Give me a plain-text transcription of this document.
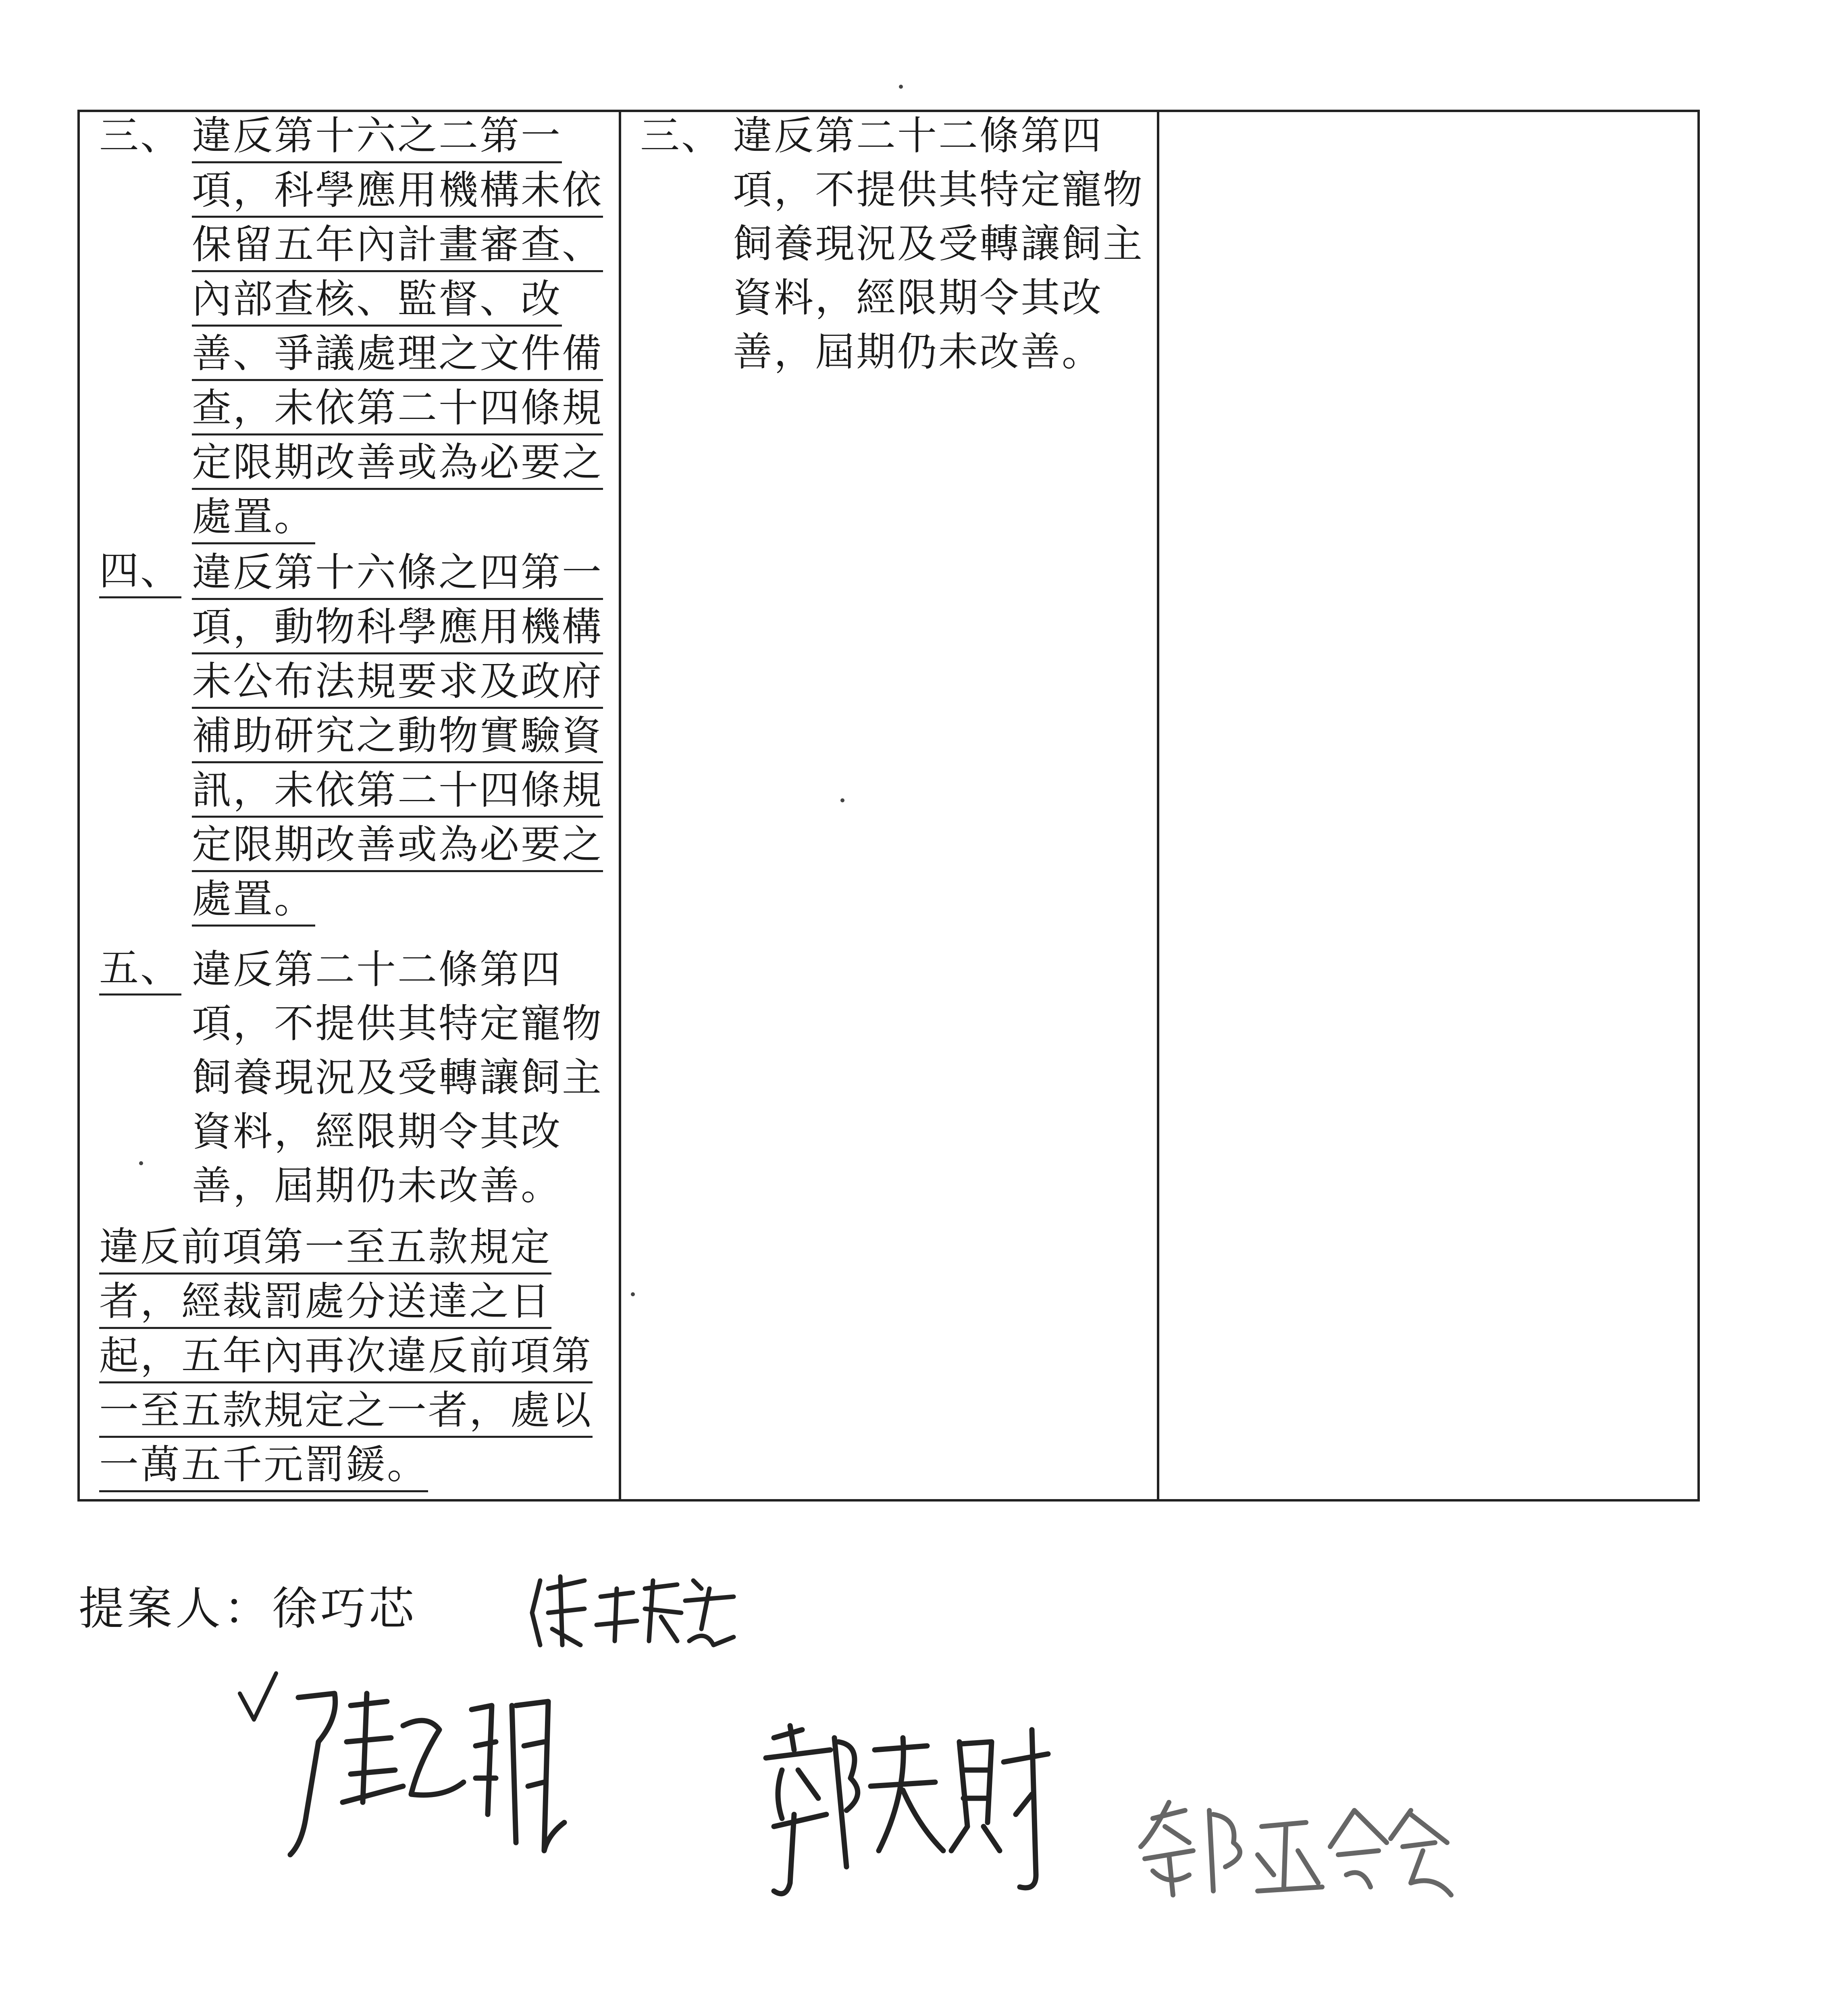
三、 違反第十六之二第一
項，科學應用機構未依
保留五年內計畫審查、
內部查核、監督、改
善、爭議處理之文件備
查，未依第二十四條規
定限期改善或為必要之
處置。
四、 違反第十六條之四第一
項，動物科學應用機構
未公布法規要求及政府
補助研究之動物實驗資
訊，未依第二十四條規
定限期改善或為必要之
處置。
五、 違反第二十二條第四
項，不提供其特定寵物
飼養現況及受轉讓飼主
資料，經限期令其改
善，屆期仍未改善。
違反前項第一至五款規定
者，經裁罰處分送達之日
起，五年內再次違反前項第
一至五款規定之一者，處以
一萬五千元罰鍰。
三、 違反第二十二條第四
項，不提供其特定寵物
飼養現況及受轉讓飼主
資料，經限期令其改
善，屆期仍未改善。
提案人：徐巧芯
